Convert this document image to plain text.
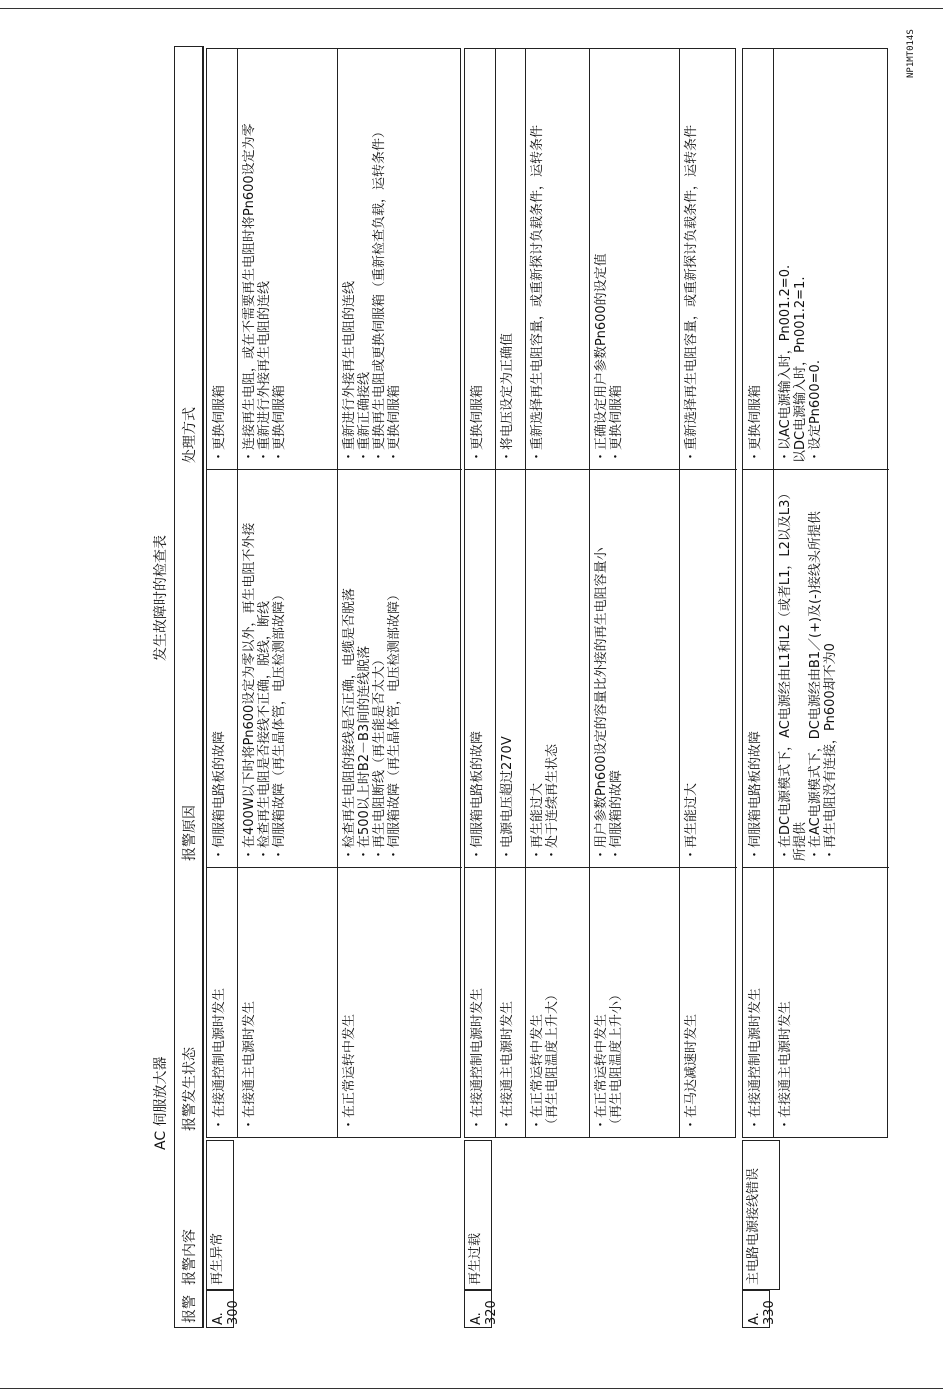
AC 伺服放大器
发生故障时的检查表
NP1MT014S
报警
报警内容
报警发生状态
报警原因
处理方式
A. 300
再生异常
・在接通控制电源时发生
・伺服箱电路板的故障
・更换伺服箱
・在接通主电源时发生
・在400W以下时将Pn600设定为零以外，再生电阻不外接 ・检查再生电阻是否接线不正确，脱线，断线 ・伺服箱故障（再生晶体管，电压检测部故障）
・连接再生电阻，或在不需要再生电阻时将Pn600设定为零 ・重新进行外接再生电阻的连线 ・更换伺服箱
・在正常运转中发生
・检查再生电阻的接线是否正确，电缆是否脱落 ・在500以上时B2－B3间的连线脱落 ・再生电阻断线（再生能是否太大） ・伺服箱故障（再生晶体管，电压检测部故障）
・重新进行外接再生电阻的连线 ・重新正确接线 ・更换再生电阻或更换伺服箱（重新检查负载，运转条件） ・更换伺服箱
A. 320
再生过载
・在接通控制电源时发生
・伺服箱电路板的故障
・更换伺服箱
・在接通主电源时发生
・电源电压超过270V
・将电压设定为正确值
・在正常运转中发生 （再生电阻温度上升大）
・再生能过大 ・处于连续再生状态
・重新选择再生电阻容量，或重新探讨负载条件，运转条件
・在正常运转中发生 （再生电阻温度上升小）
・用户参数Pn600设定的容量比外接的再生电阻容量小 ・伺服箱的故障
・正确设定用户参数Pn600的设定值 ・更换伺服箱
・在马达减速时发生
・再生能过大
・重新选择再生电阻容量，或重新探讨负载条件，运转条件
A. 330
主电路电源接线错误
・在接通控制电源时发生
・伺服箱电路板的故障
・更换伺服箱
・在接通主电源时发生
・在DC电源模式下，AC电源经由L1和L2（或者L1，L2以及L3）所提供 ・在AC电源模式下，DC电源经由B1／(+)及(-)接线头所提供 ・再生电阻没有连接，Pn600却不为0
・以AC电源输入时，Pn001.2=0. 以DC电源输入时，Pn001.2=1. ・设定Pn600=0.
